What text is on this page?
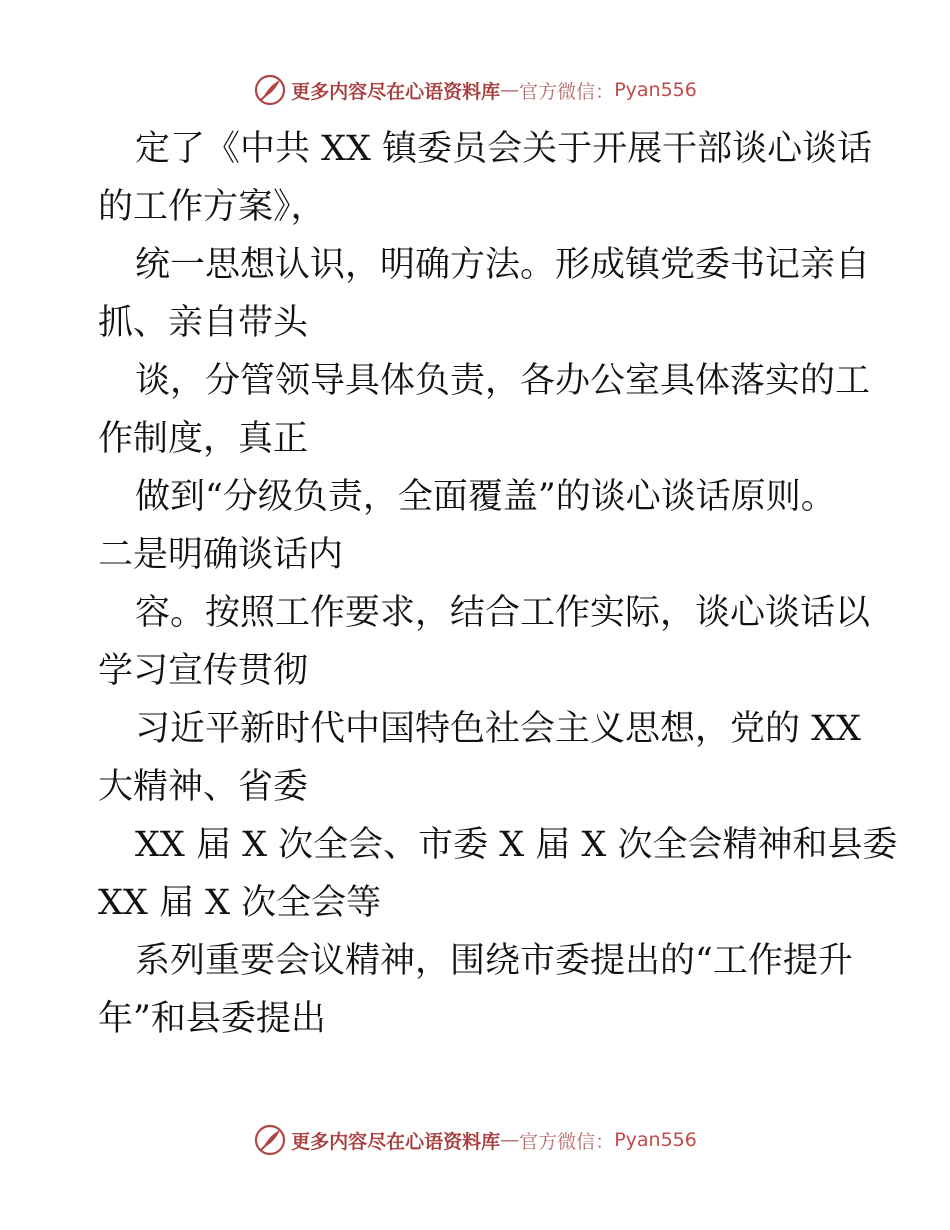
更多内容尽在心语资料库 — 官方微信： Pyan556
定了《中共 XX 镇委员会关于开展干部谈心谈话
的工作方案》，
统一思想认识，明确方法。形成镇党委书记亲自
抓、亲自带头
谈，分管领导具体负责，各办公室具体落实的工
作制度，真正
做到“分级负责，全面覆盖”的谈心谈话原则。
二是明确谈话内
容。按照工作要求，结合工作实际，谈心谈话以
学习宣传贯彻
习近平新时代中国特色社会主义思想，党的 XX
大精神、省委
XX 届 X 次全会、市委 X 届 X 次全会精神和县委
XX 届 X 次全会等
系列重要会议精神，围绕市委提出的“工作提升
年”和县委提出
更多内容尽在心语资料库 — 官方微信： Pyan556
